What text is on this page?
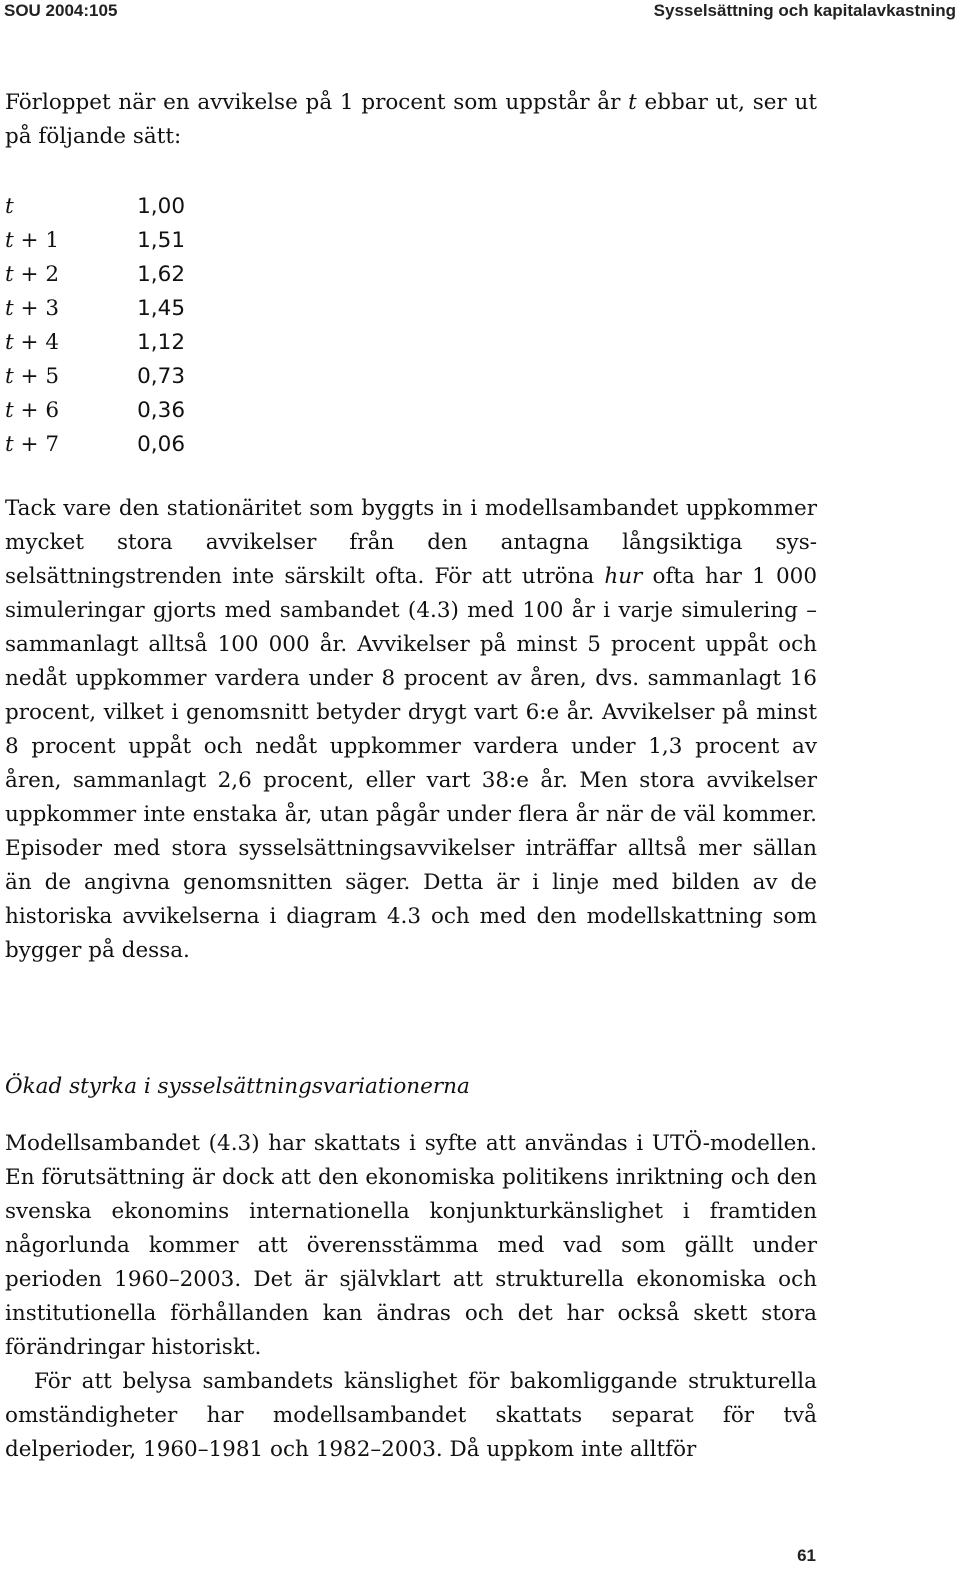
SOU 2004:105	Sysselsättning och kapitalavkastning
Förloppet när en avvikelse på 1 procent som uppstår år t ebbar ut, ser ut på följande sätt:
t	1,00
t + 1	1,51
t + 2	1,62
t + 3	1,45
t + 4	1,12
t + 5	0,73
t + 6	0,36
t + 7	0,06
Tack vare den stationäritet som byggts in i modellsambandet uppkommer mycket stora avvikelser från den antagna långsiktiga sysselsättningstrenden inte särskilt ofta. För att utröna hur ofta har 1 000 simuleringar gjorts med sambandet (4.3) med 100 år i varje simulering – sammanlagt alltså 100 000 år. Avvikelser på minst 5 procent uppåt och nedåt uppkommer vardera under 8 procent av åren, dvs. sammanlagt 16 procent, vilket i genomsnitt betyder drygt vart 6:e år. Avvikelser på minst 8 procent uppåt och nedåt uppkommer vardera under 1,3 procent av åren, sammanlagt 2,6 procent, eller vart 38:e år. Men stora avvikelser uppkommer inte enstaka år, utan pågår under flera år när de väl kommer. Episoder med stora sysselsättningsavvikelser inträffar alltså mer sällan än de angivna genomsnitten säger. Detta är i linje med bilden av de historiska avvikelserna i diagram 4.3 och med den modellskattning som bygger på dessa.
Ökad styrka i sysselsättningsvariationerna
Modellsambandet (4.3) har skattats i syfte att användas i UTÖ-modellen. En förutsättning är dock att den ekonomiska politikens inriktning och den svenska ekonomins internationella konjunkturkänslighet i framtiden någorlunda kommer att överensstämma med vad som gällt under perioden 1960–2003. Det är självklart att strukturella ekonomiska och institutionella förhållanden kan ändras och det har också skett stora förändringar historiskt.
För att belysa sambandets känslighet för bakomliggande strukturella omständigheter har modellsambandet skattats separat för två delperioder, 1960–1981 och 1982–2003. Då uppkom inte alltför
61
